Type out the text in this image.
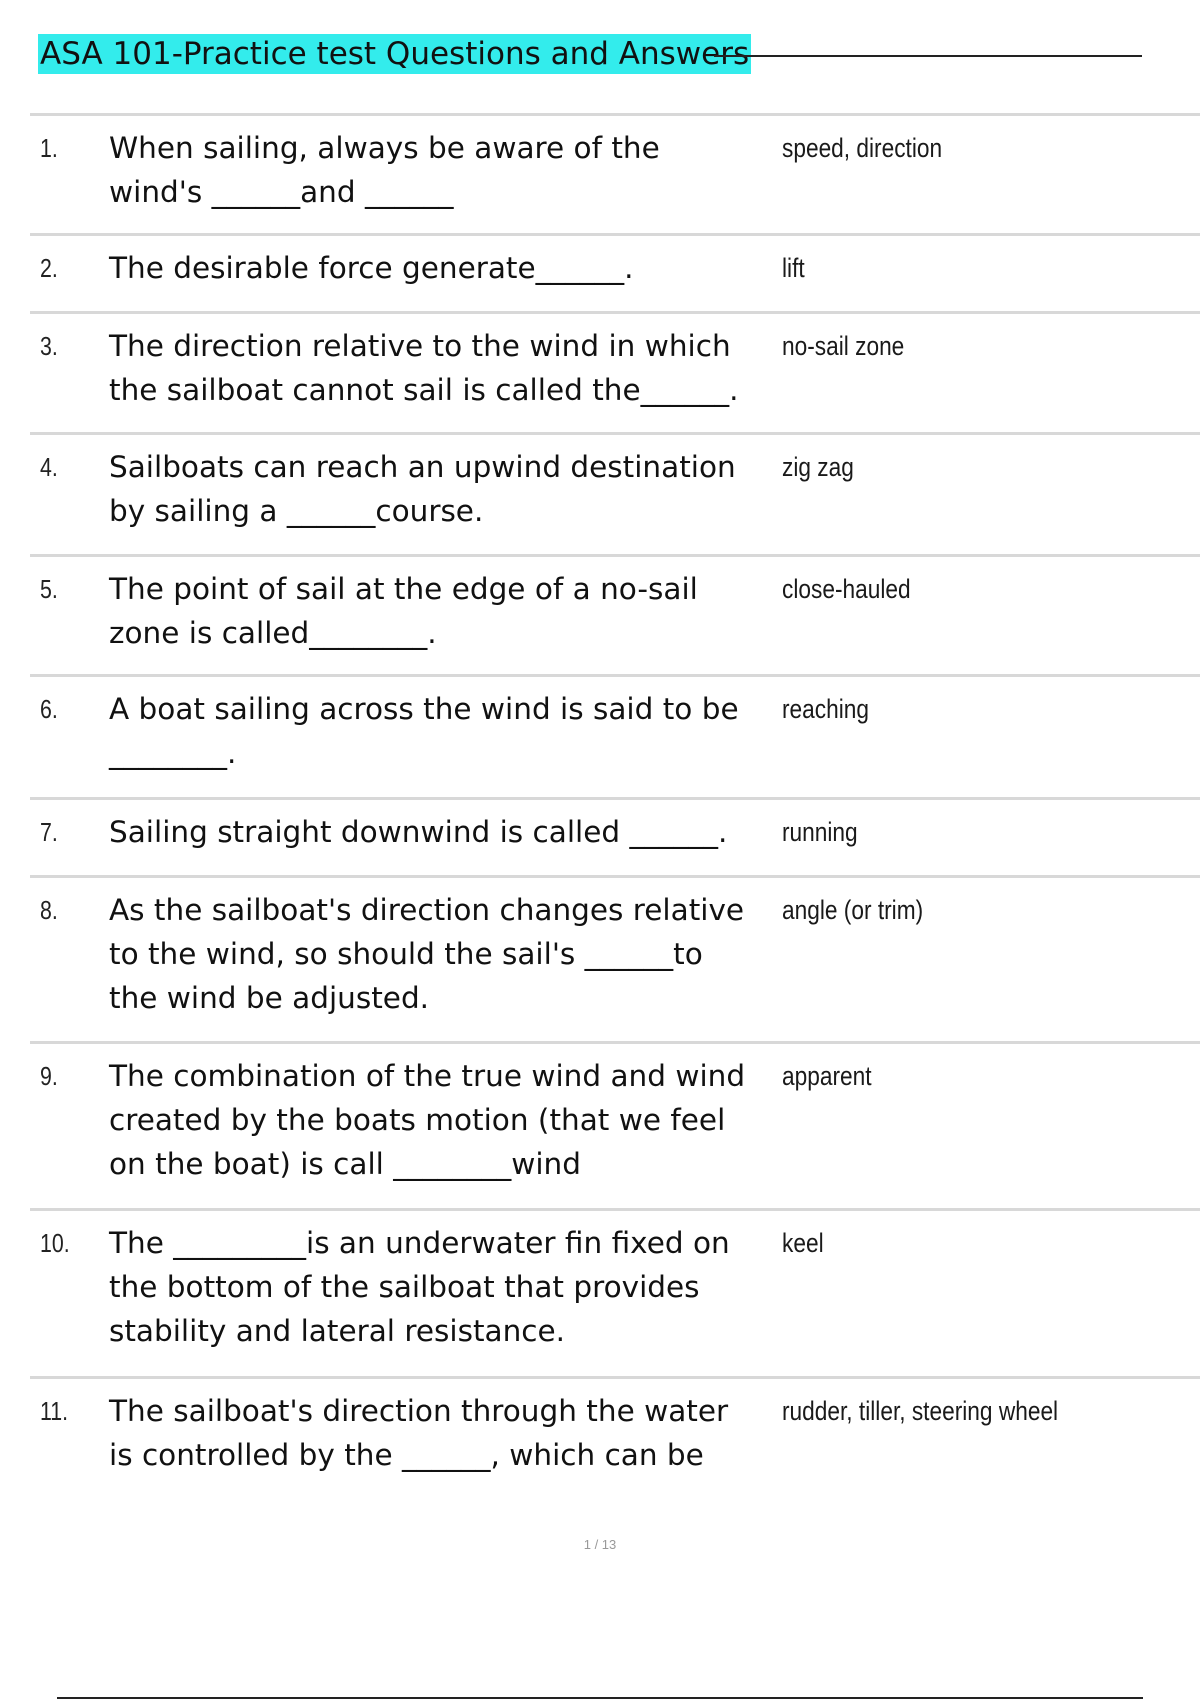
ASA 101-Practice test Questions and Answers
1. When sailing, always be aware of the wind's ______and ______
speed, direction
2. The desirable force generate______.	lift
3. The direction relative to the wind in which the sailboat cannot sail is called the______.
no-sail zone
4. Sailboats can reach an upwind destination by sailing a ______course.
zig zag
5. The point of sail at the edge of a no-sail zone is called________.
close-hauled
6. A boat sailing across the wind is said to be ________.
reaching
7. Sailing straight downwind is called ______.	running
8. As the sailboat's direction changes relative to the wind, so should the sail's ______to the wind be adjusted.
angle (or trim)
9. The combination of the true wind and wind created by the boats motion (that we feel on the boat) is call ________wind
apparent
10. The _________is an underwater fin fixed on the bottom of the sailboat that provides stability and lateral resistance.
keel
11. The sailboat's direction through the water is controlled by the ______, which can be
rudder, tiller, steering wheel
1 / 13
